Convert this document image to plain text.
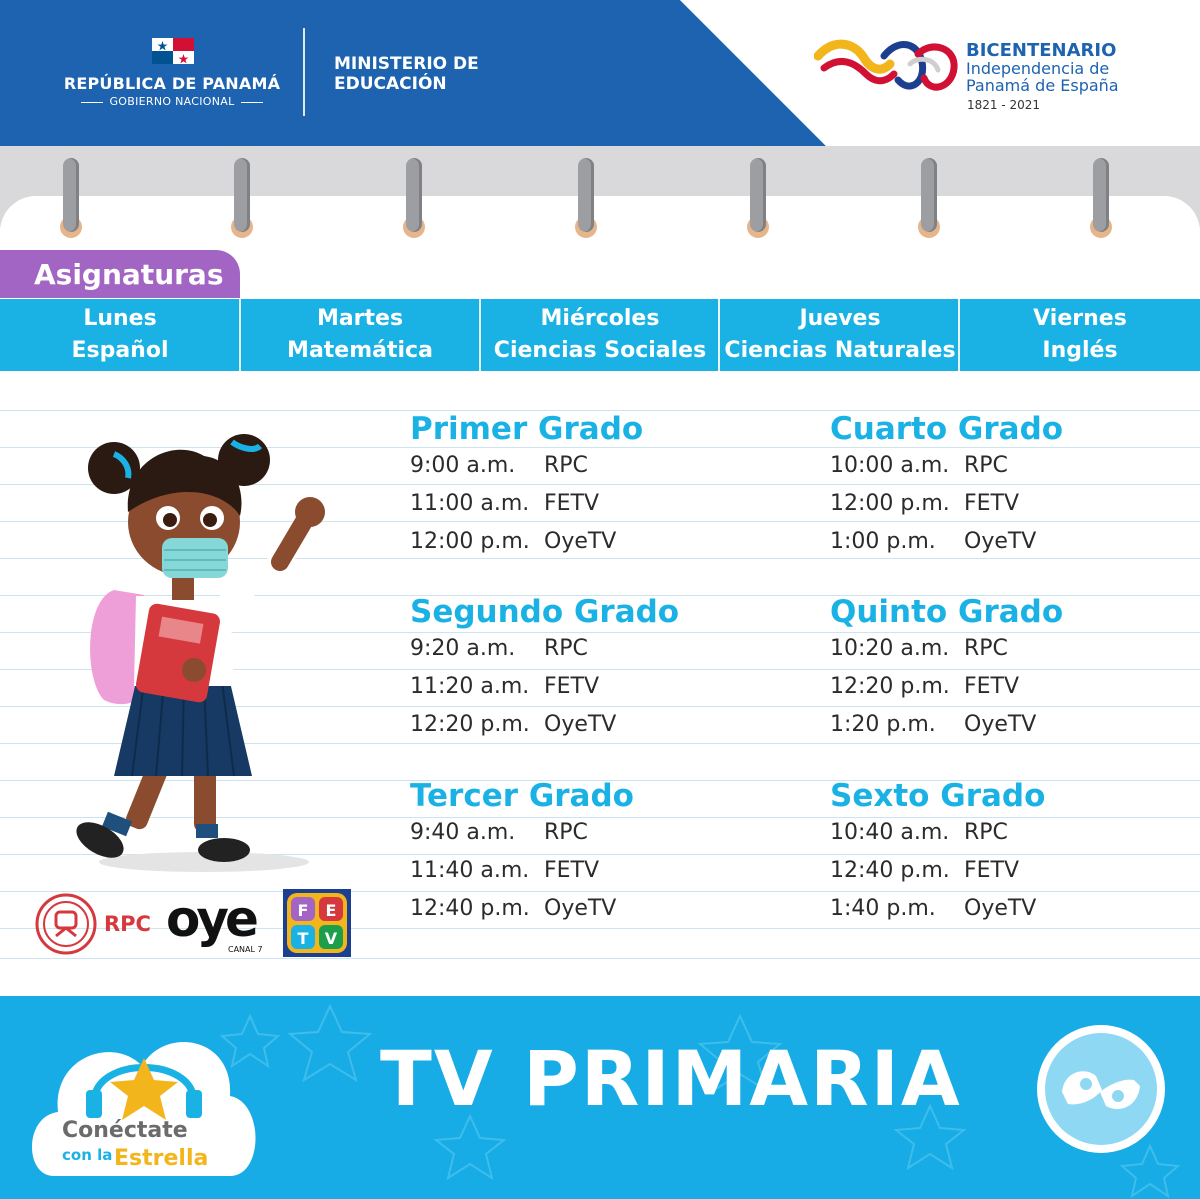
REPÚBLICA DE PANAMÁ
GOBIERNO NACIONAL
MINISTERIO DE
EDUCACIÓN
BICENTENARIO
Independencia de
Panamá de España
1821 - 2021
Asignaturas
Lunes
Español
Martes
Matemática
Miércoles
Ciencias Sociales
Jueves
Ciencias Naturales
Viernes
Inglés
Primer Grado
9:00 a.m. RPC
11:00 a.m. FETV
12:00 p.m. OyeTV
Segundo Grado
9:20 a.m. RPC
11:20 a.m. FETV
12:20 p.m. OyeTV
Tercer Grado
9:40 a.m. RPC
11:40 a.m. FETV
12:40 p.m. OyeTV
Cuarto Grado
10:00 a.m. RPC
12:00 p.m. FETV
1:00 p.m. OyeTV
Quinto Grado
10:20 a.m. RPC
12:20 p.m. FETV
1:20 p.m. OyeTV
Sexto Grado
10:40 a.m. RPC
12:40 p.m. FETV
1:40 p.m. OyeTV
RPC oye
CANAL 7
F E
T V
Conéctate
con la Estrella
TV PRIMARIA
